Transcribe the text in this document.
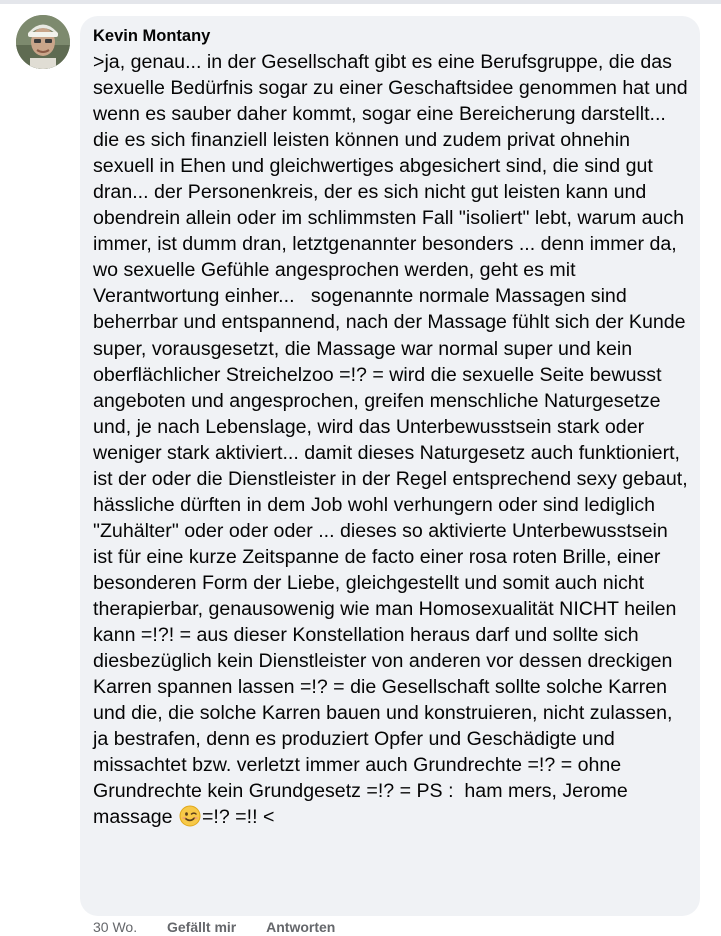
Kevin Montany

>ja, genau... in der Gesellschaft gibt es eine Berufsgruppe, die das sexuelle Bedürfnis sogar zu einer Geschaftsidee genommen hat und wenn es sauber daher kommt, sogar eine Bereicherung darstellt... die es sich finanziell leisten können und zudem privat ohnehin sexuell in Ehen und gleichwertiges abgesichert sind, die sind gut dran... der Personenkreis, der es sich nicht gut leisten kann und obendrein allein oder im schlimmsten Fall "isoliert" lebt, warum auch immer, ist dumm dran, letztgenannter besonders ... denn immer da, wo sexuelle Gefühle angesprochen werden, geht es mit Verantwortung einher...   sogenannte normale Massagen sind beherrbar und entspannend, nach der Massage fühlt sich der Kunde super, vorausgesetzt, die Massage war normal super und kein oberflächlicher Streichelzoo =!? = wird die sexuelle Seite bewusst angeboten und angesprochen, greifen menschliche Naturgesetze und, je nach Lebenslage, wird das Unterbewusstsein stark oder weniger stark aktiviert... damit dieses Naturgesetz auch funktioniert, ist der oder die Dienstleister in der Regel entsprechend sexy gebaut, hässliche dürften in dem Job wohl verhungern oder sind lediglich "Zuhälter" oder oder oder ... dieses so aktivierte Unterbewusstsein ist für eine kurze Zeitspanne de facto einer rosa roten Brille, einer besonderen Form der Liebe, gleichgestellt und somit auch nicht therapierbar, genausowenig wie man Homosexualität NICHT heilen kann =!?! = aus dieser Konstellation heraus darf und sollte sich diesbezüglich kein Dienstleister von anderen vor dessen dreckigen Karren spannen lassen =!? = die Gesellschaft sollte solche Karren und die, die solche Karren bauen und konstruieren, nicht zulassen, ja bestrafen, denn es produziert Opfer und Geschädigte und missachtet bzw. verletzt immer auch Grundrechte =!? = ohne Grundrechte kein Grundgesetz =!? = PS :  ham mers, Jerome massage =!? =!! <

30 Wo. Gefällt mir Antworten
